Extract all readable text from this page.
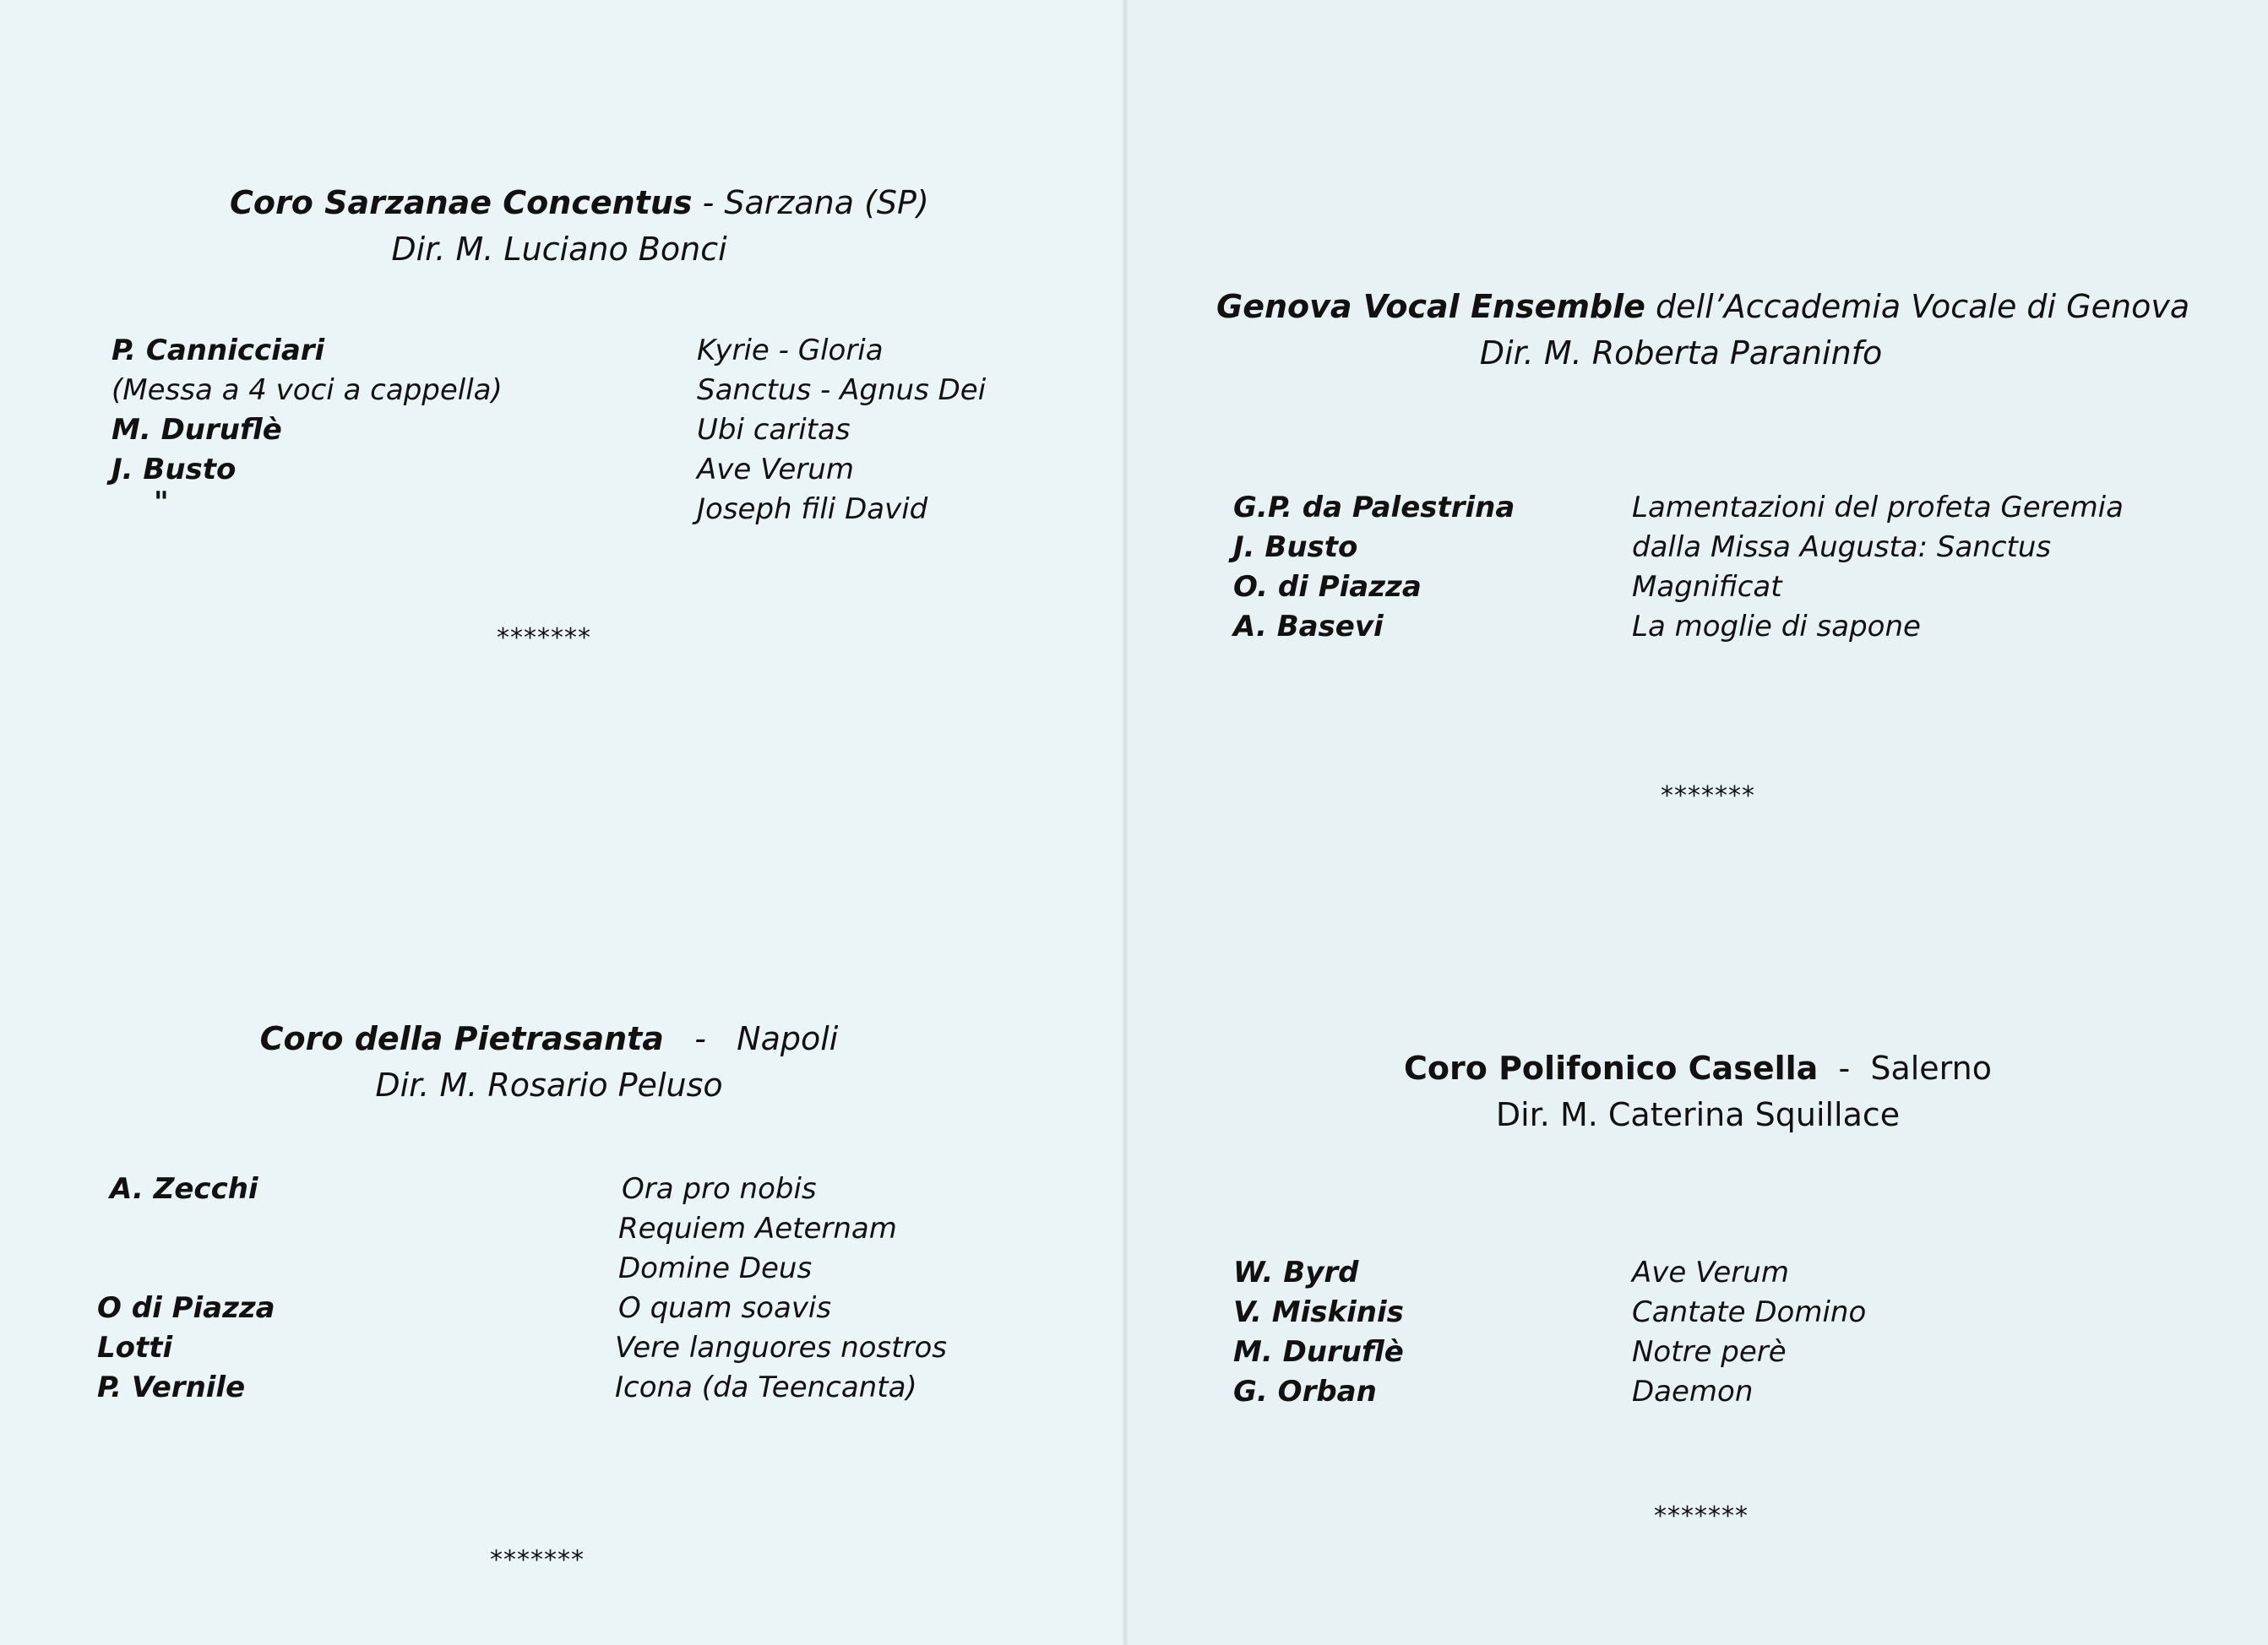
Coro Sarzanae Concentus - Sarzana (SP)
Dir. M. Luciano Bonci
P. Cannicciari
(Messa a 4 voci a cappella)
M. Duruflè
J. Busto
"
Kyrie - Gloria
Sanctus - Agnus Dei
Ubi caritas
Ave Verum
Joseph fili David
*******
Genova Vocal Ensemble dell’Accademia Vocale di Genova
Dir. M. Roberta Paraninfo
G.P. da Palestrina
J. Busto
O. di Piazza
A. Basevi
Lamentazioni del profeta Geremia
dalla Missa Augusta: Sanctus
Magnificat
La moglie di sapone
*******
Coro della Pietrasanta   -   Napoli
Dir. M. Rosario Peluso
A. Zecchi
O di Piazza
Lotti
P. Vernile
Ora pro nobis
Requiem Aeternam
Domine Deus
O quam soavis
Vere languores nostros
Icona (da Teencanta)
*******
Coro Polifonico Casella  -  Salerno
Dir. M. Caterina Squillace
W. Byrd
V. Miskinis
M. Duruflè
G. Orban
Ave Verum
Cantate Domino
Notre perè
Daemon
*******
